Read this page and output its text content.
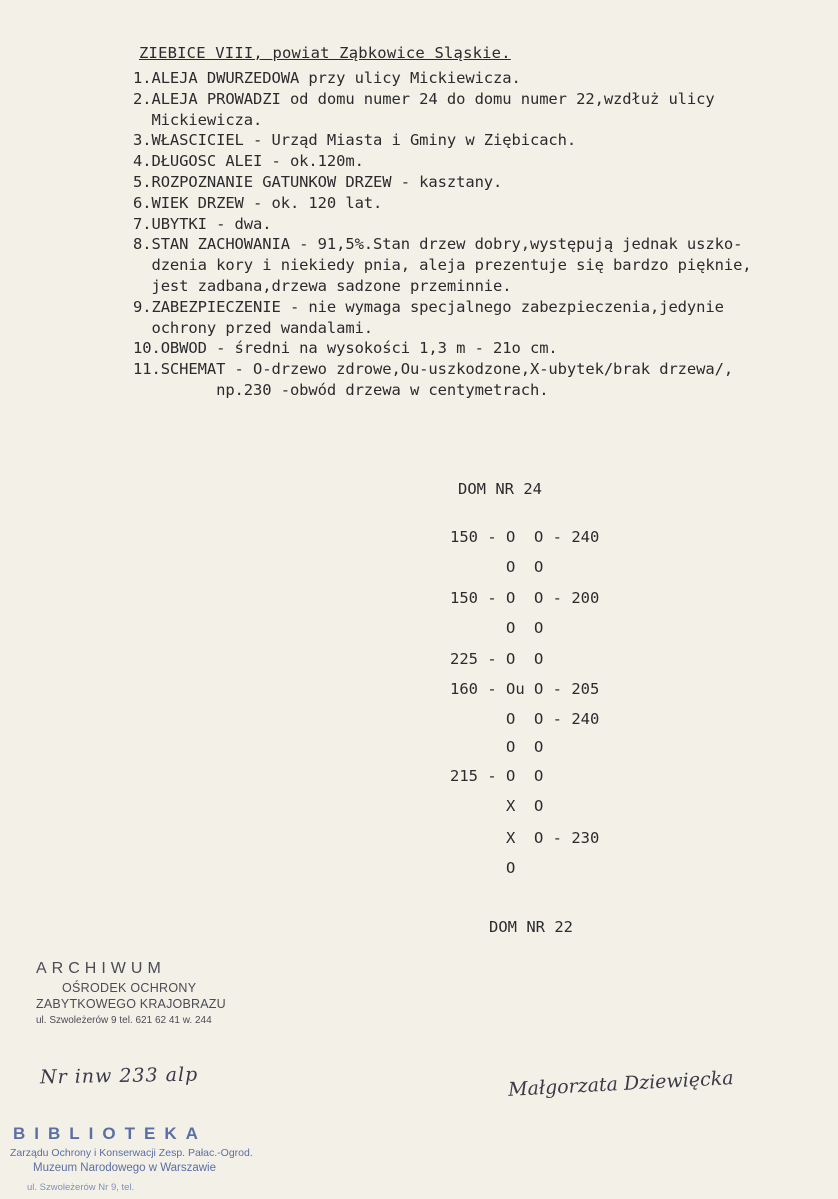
ZIEBICE VIII, powiat Ząbkowice Sląskie.
1.ALEJA DWURZEDOWA przy ulicy Mickiewicza.
2.ALEJA PROWADZI od domu numer 24 do domu numer 22,wzdłuż ulicy
Mickiewicza.
3.WŁASCICIEL - Urząd Miasta i Gminy w Ziębicach.
4.DŁUGOSC ALEI - ok.120m.
5.ROZPOZNANIE GATUNKOW DRZEW - kasztany.
6.WIEK DRZEW - ok. 120 lat.
7.UBYTKI - dwa.
8.STAN ZACHOWANIA - 91,5%.Stan drzew dobry,występują jednak uszko-
dzenia kory i niekiedy pnia, aleja prezentuje się bardzo pięknie,
jest zadbana,drzewa sadzone przeminnie.
9.ZABEZPIECZENIE - nie wymaga specjalnego zabezpieczenia,jedynie
ochrony przed wandalami.
10.OBWOD - średni na wysokości 1,3 m - 21o cm.
11.SCHEMAT - O-drzewo zdrowe,Ou-uszkodzone,X-ubytek/brak drzewa/,
np.230 -obwód drzewa w centymetrach.
DOM NR 24
150 - O  O - 240
O  O
150 - O  O - 200
O  O
225 - O  O
160 - Ou O - 205
O  O - 240
O  O
215 - O  O
X  O
X  O - 230
O
DOM NR 22
ARCHIWUM
OŚRODEK OCHRONY
ZABYTKOWEGO KRAJOBRAZU
ul. Szwoleżerów 9 tel. 621 62 41 w. 244
Nr inw 233 alp	Małgorzata Dziewięcka
BIBLIOTEKA
Zarządu Ochrony i Konserwacji Zesp. Pałac.-Ogrod.
Muzeum Narodowego w Warszawie
ul. Szwoleżerów Nr 9, tel.
